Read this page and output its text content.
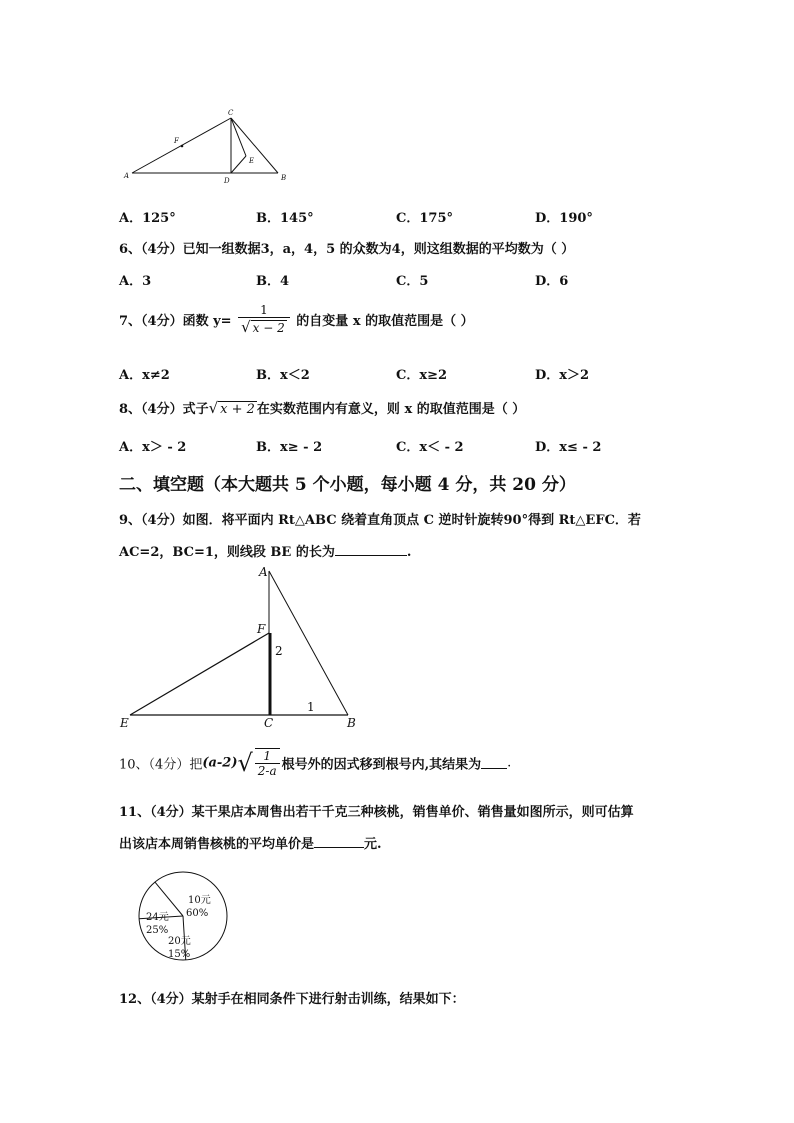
C
F
E
A
D	B
A．125°	B．145°	C．175°	D．190°
6、（4分）已知一组数据3，a，4，5 的众数为4，则这组数据的平均数为（ ）
A．3	B．4	C．5	D．6
7、（4分）函数 $y= \frac{1}{√ x - 2}$ 的自变量 x 的取值范围是（ ）
A．x≠2	B．x＜2	C．x≥2	D．x＞2
8、（4分）式子√ x + 2 在实数范围内有意义，则 x 的取值范围是（ ）
A．x＞ - 2	B．x≥ - 2	C．x＜ - 2	D．x≤ - 2
二、填空题（本大题共 5 个小题，每小题 4 分，共 20 分）
9、（4分）如图．将平面内 Rt△ABC 绕着直角顶点 C 逆时针旋转90°得到 Rt△EFC．若
AC=2，BC=1，则线段 BE 的长为	.
A
F
E	C	B
2
1
10、（4分）把$(a-2)√ \frac{1}{2-a}$ 根号外的因式移到根号内,其结果为 .
11、（4分）某干果店本周售出若干千克三种核桃，销售单价、销售量如图所示，则可估算
出该店本周销售核桃的平均单价是	元.
10元
60%
24元
25%
20元
15%
12、（4分）某射手在相同条件下进行射击训练，结果如下：
